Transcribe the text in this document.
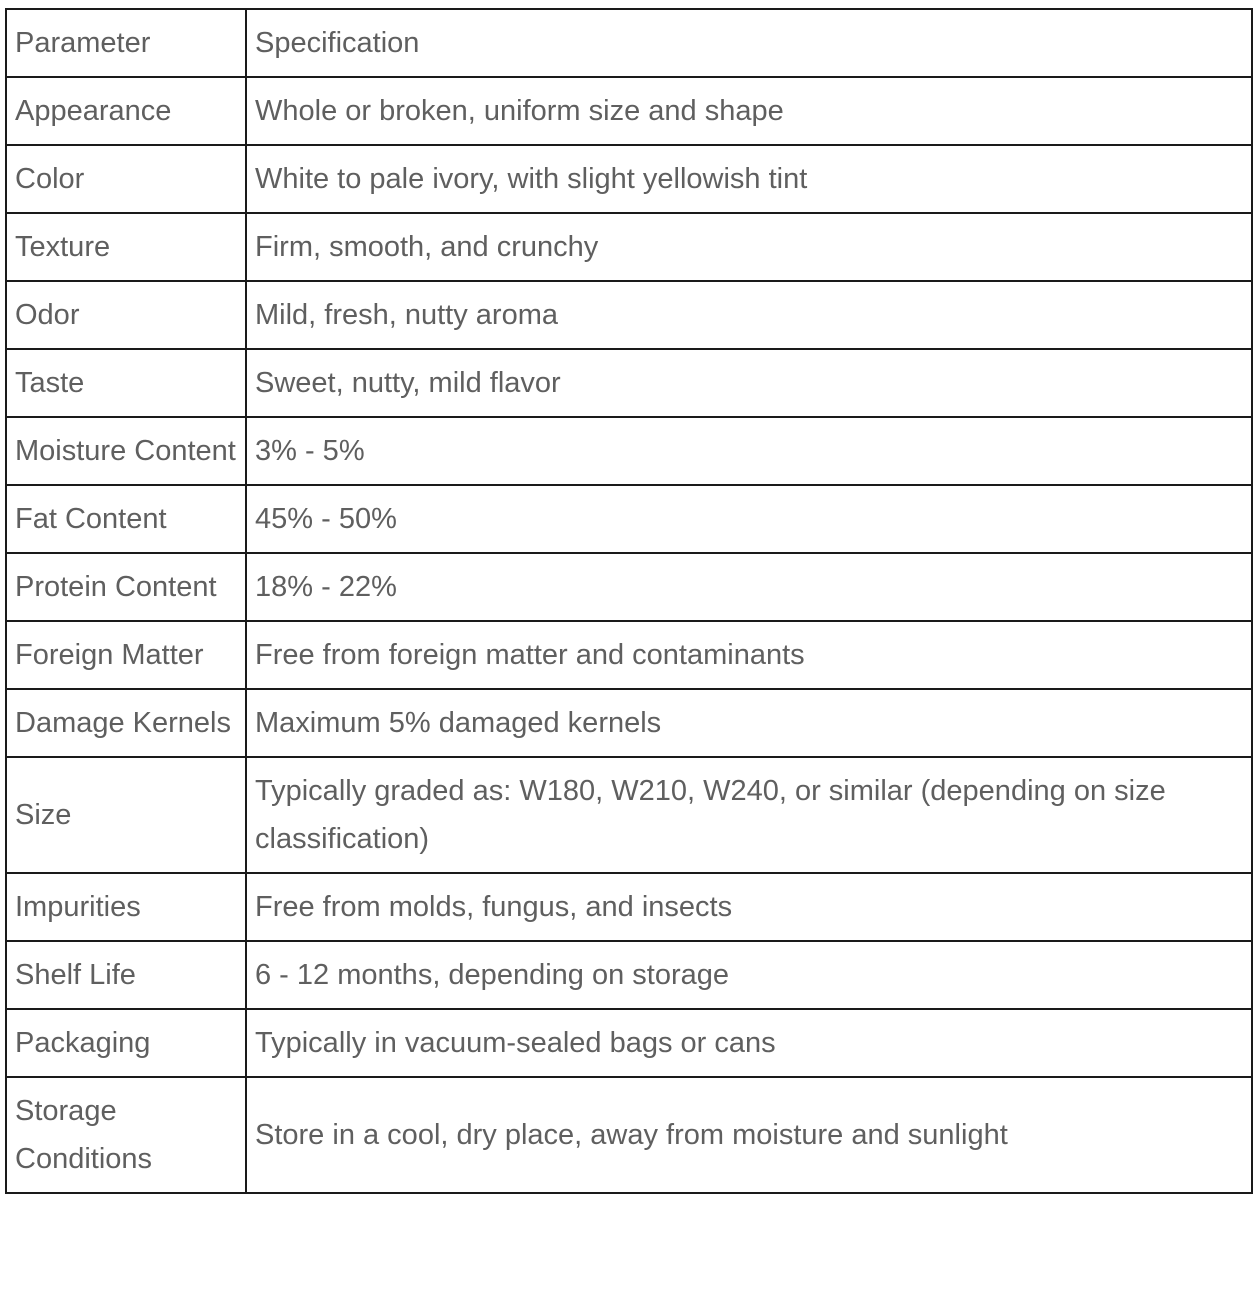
Parameter	Specification
Appearance	Whole or broken, uniform size and shape
Color	White to pale ivory, with slight yellowish tint
Texture	Firm, smooth, and crunchy
Odor	Mild, fresh, nutty aroma
Taste	Sweet, nutty, mild flavor
Moisture Content	3% - 5%
Fat Content	45% - 50%
Protein Content	18% - 22%
Foreign Matter	Free from foreign matter and contaminants
Damage Kernels	Maximum 5% damaged kernels
Size	Typically graded as: W180, W210, W240, or similar (depending on size classification)
Impurities	Free from molds, fungus, and insects
Shelf Life	6 - 12 months, depending on storage
Packaging	Typically in vacuum-sealed bags or cans
Storage Conditions	Store in a cool, dry place, away from moisture and sunlight
